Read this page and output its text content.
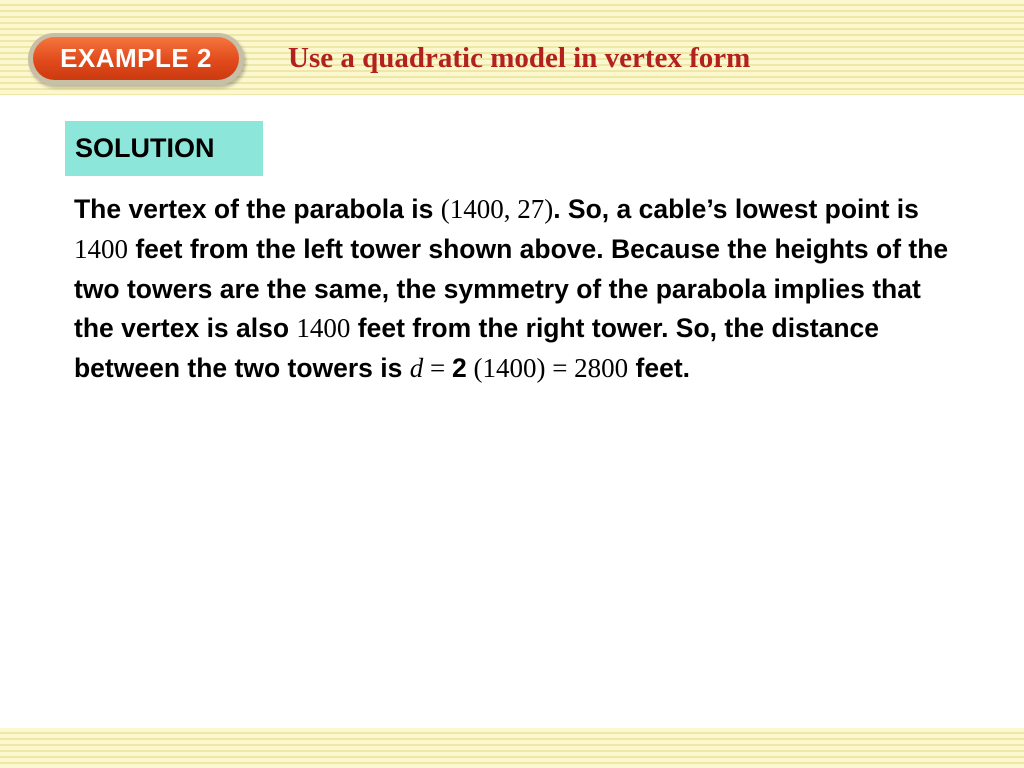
EXAMPLE 2	Use a quadratic model in vertex form
SOLUTION
The vertex of the parabola is (1400, 27). So, a cable’s lowest point is 1400 feet from the left tower shown above. Because the heights of the two towers are the same, the symmetry of the parabola implies that the vertex is also 1400 feet from the right tower. So, the distance between the two towers is d = 2 (1400) = 2800 feet.
